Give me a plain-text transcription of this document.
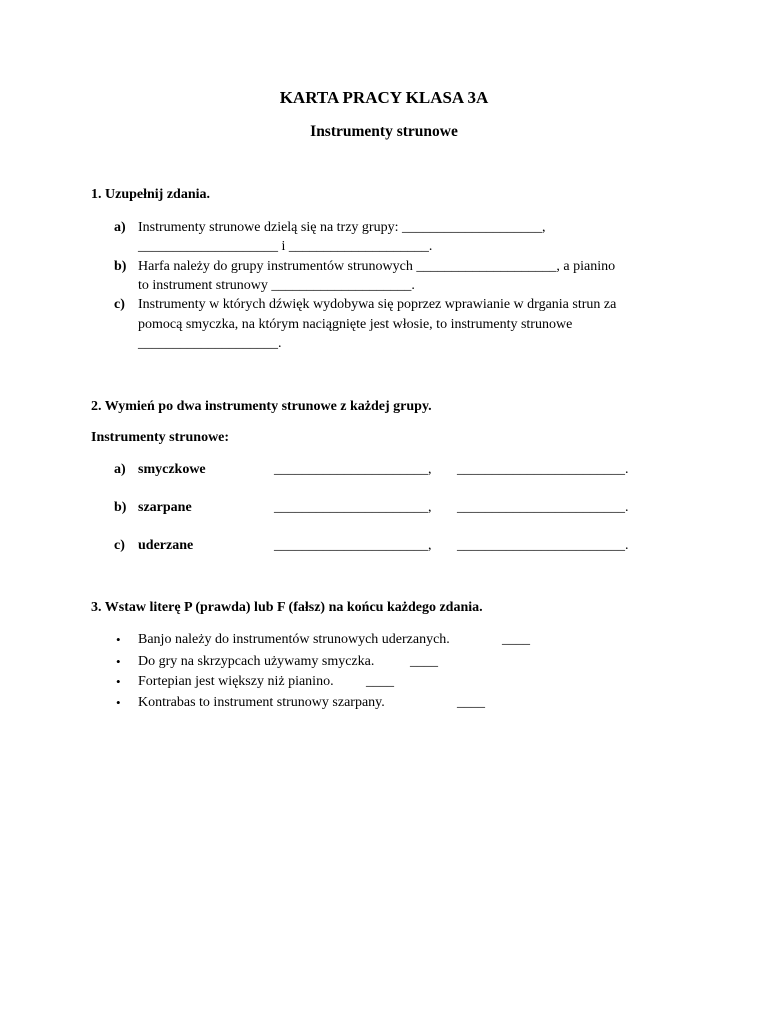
KARTA PRACY KLASA 3A
Instrumenty strunowe
1. Uzupełnij zdania.
a) Instrumenty strunowe dzielą się na trzy grupy: ____________________,
____________________ i ____________________.
b) Harfa należy do grupy instrumentów strunowych ____________________, a pianino
to instrument strunowy ____________________.
c) Instrumenty w których dźwięk wydobywa się poprzez wprawianie w drgania strun za
pomocą smyczka, na którym naciągnięte jest włosie, to instrumenty strunowe
____________________.
2. Wymień po dwa instrumenty strunowe z każdej grupy.
Instrumenty strunowe:
a) smyczkowe	______________________, ________________________.
b) szarpane	______________________, ________________________.
c) uderzane	______________________, ________________________.
3. Wstaw literę P (prawda) lub F (fałsz) na końcu każdego zdania.
• Banjo należy do instrumentów strunowych uderzanych.	____
• Do gry na skrzypcach używamy smyczka.	____
• Fortepian jest większy niż pianino. ____
• Kontrabas to instrument strunowy szarpany.	____
